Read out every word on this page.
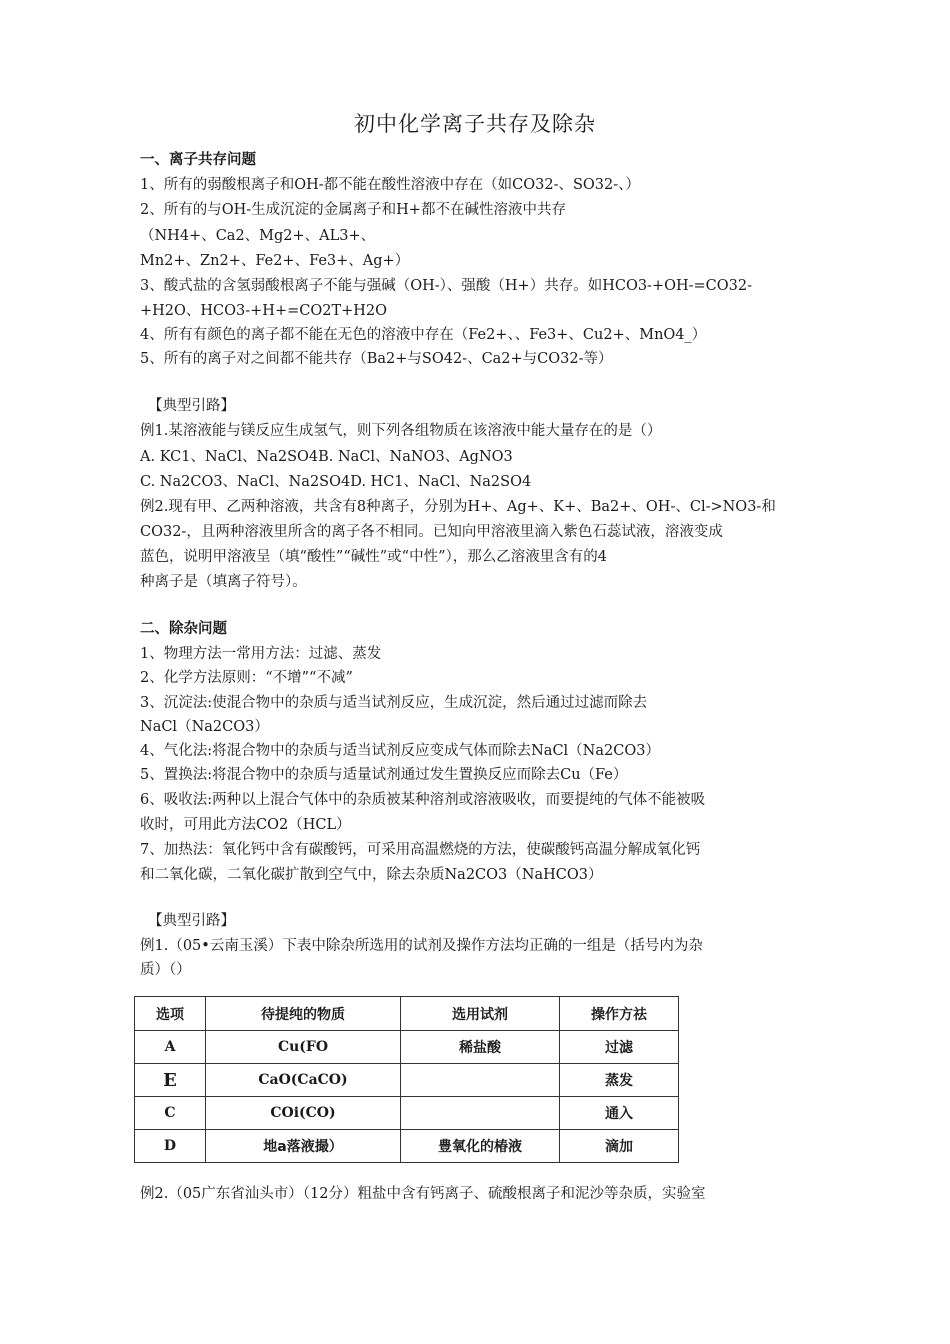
初中化学离子共存及除杂
一、离子共存问题
1、所有的弱酸根离子和OH-都不能在酸性溶液中存在（如CO32-、SO32-、）
2、所有的与OH-生成沉淀的金属离子和H+都不在碱性溶液中共存
（NH4+、Ca2、Mg2+、AL3+、
Mn2+、Zn2+、Fe2+、Fe3+、Ag+）
3、酸式盐的含氢弱酸根离子不能与强碱（OH-）、强酸（H+）共存。如HCO3-+OH-=CO32-
+H2O、HCO3-+H+=CO2T+H2O
4、所有有颜色的离子都不能在无色的溶液中存在（Fe2+、、Fe3+、Cu2+、MnO4_）
5、所有的离子对之间都不能共存（Ba2+与SO42-、Ca2+与CO32-等）
【典型引路】
例1.某溶液能与镁反应生成氢气，则下列各组物质在该溶液中能大量存在的是（）
A. KC1、NaCl、Na2SO4B. NaCl、NaNO3、AgNO3
C. Na2CO3、NaCl、Na2SO4D. HC1、NaCl、Na2SO4
例2.现有甲、乙两种溶液，共含有8种离子，分别为H+、Ag+、K+、Ba2+、OH-、Cl->NO3-和
CO32-，且两种溶液里所含的离子各不相同。已知向甲溶液里滴入紫色石蕊试液，溶液变成
蓝色，说明甲溶液呈（填“酸性”“碱性”或“中性”），那么乙溶液里含有的4
种离子是（填离子符号）。
二、除杂问题
1、物理方法一常用方法：过滤、蒸发
2、化学方法原则：“不增”“不减”
3、沉淀法:使混合物中的杂质与适当试剂反应，生成沉淀，然后通过过滤而除去
NaCl（Na2CO3）
4、气化法:将混合物中的杂质与适当试剂反应变成气体而除去NaCl（Na2CO3）
5、置换法:将混合物中的杂质与适量试剂通过发生置换反应而除去Cu（Fe）
6、吸收法:两种以上混合气体中的杂质被某种溶剂或溶液吸收，而要提纯的气体不能被吸
收时，可用此方法CO2（HCL）
7、加热法：氧化钙中含有碳酸钙，可采用高温燃烧的方法，使碳酸钙高温分解成氧化钙
和二氧化碳，二氧化碳扩散到空气中，除去杂质Na2CO3（NaHCO3）
【典型引路】
例1.（05•云南玉溪）下表中除杂所选用的试剂及操作方法均正确的一组是（括号内为杂
质）（）
选项	待提纯的物质	选用试剂	操作方祛
A	Cu(FO	稀盐酸	过滤
E	CaO(CaCO)		蒸发
C	COi(CO)		通入
D	地a落液撮）	豊氧化的椿液	滴加
例2.（05广东省汕头市）（12分）粗盐中含有钙离子、硫酸根离子和泥沙等杂质，实验室
